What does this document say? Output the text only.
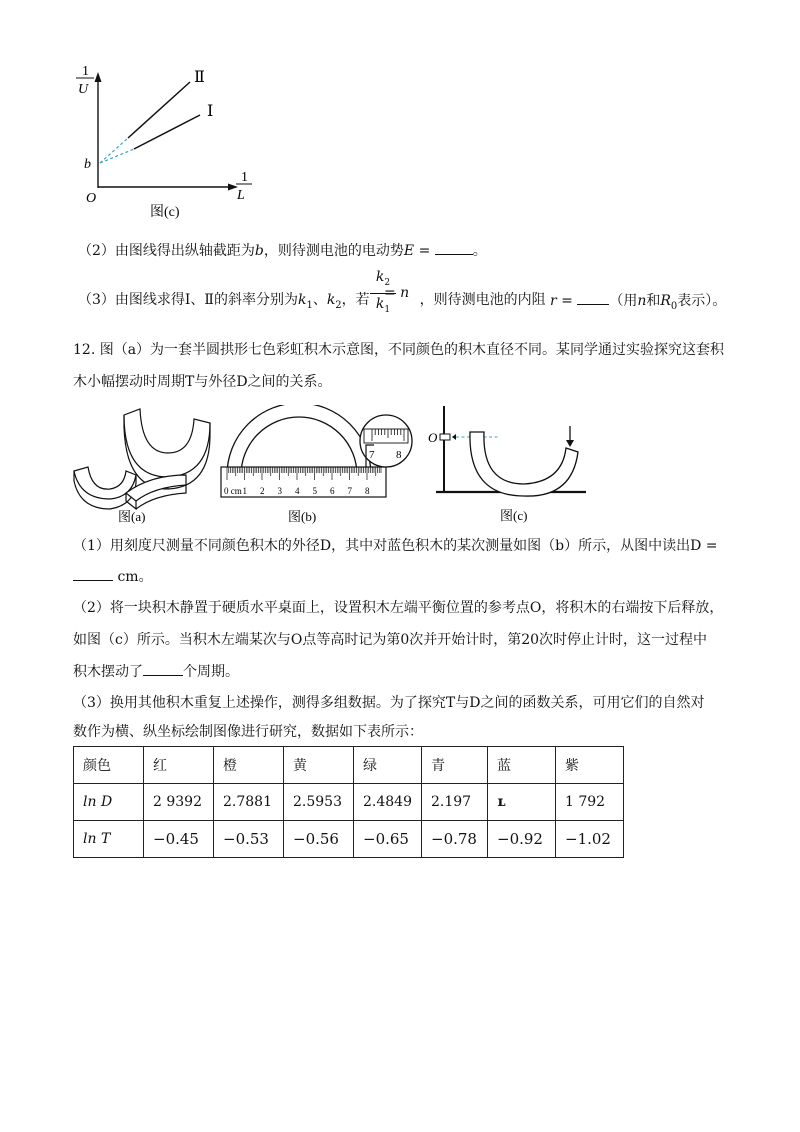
1
U
1
L
O
b
Ⅱ
Ⅰ
图(c)
（2）由图线得出纵轴截距为b，则待测电池的电动势E =	。
（3）由图线求得Ⅰ、Ⅱ的斜率分别为$k_1$、$k_2$，若	，则待测电池的内阻
$k_2$
$k_1$
= n	r = （用n和$R_0$表示）。
12. 图（a）为一套半圆拱形七色彩虹积木示意图，不同颜色的积木直径不同。某同学通过实验探究这套积
木小幅摆动时周期T与外径D之间的关系。
图(a)
0 cm 1 2 3 4 5 6 7 8
7 8
图(b)
O
图(c)
（1）用刻度尺测量不同颜色积木的外径D，其中对蓝色积木的某次测量如图（b）所示，从图中读出D =
cm。
（2）将一块积木静置于硬质水平桌面上，设置积木左端平衡位置的参考点O，将积木的右端按下后释放，
如图（c）所示。当积木左端某次与O点等高时记为第0次并开始计时，第20次时停止计时，这一过程中
积木摆动了	个周期。
（3）换用其他积木重复上述操作，测得多组数据。为了探究T与D之间的函数关系，可用它们的自然对
数作为横、纵坐标绘制图像进行研究，数据如下表所示：
颜色	红	橙	黄	绿	青	蓝	紫
ln D	2 9392	2.7881	2.5953	2.4849	2.197	ʟ	1 792
ln T	−0.45	−0.53	−0.56	−0.65	−0.78	−0.92	−1.02
